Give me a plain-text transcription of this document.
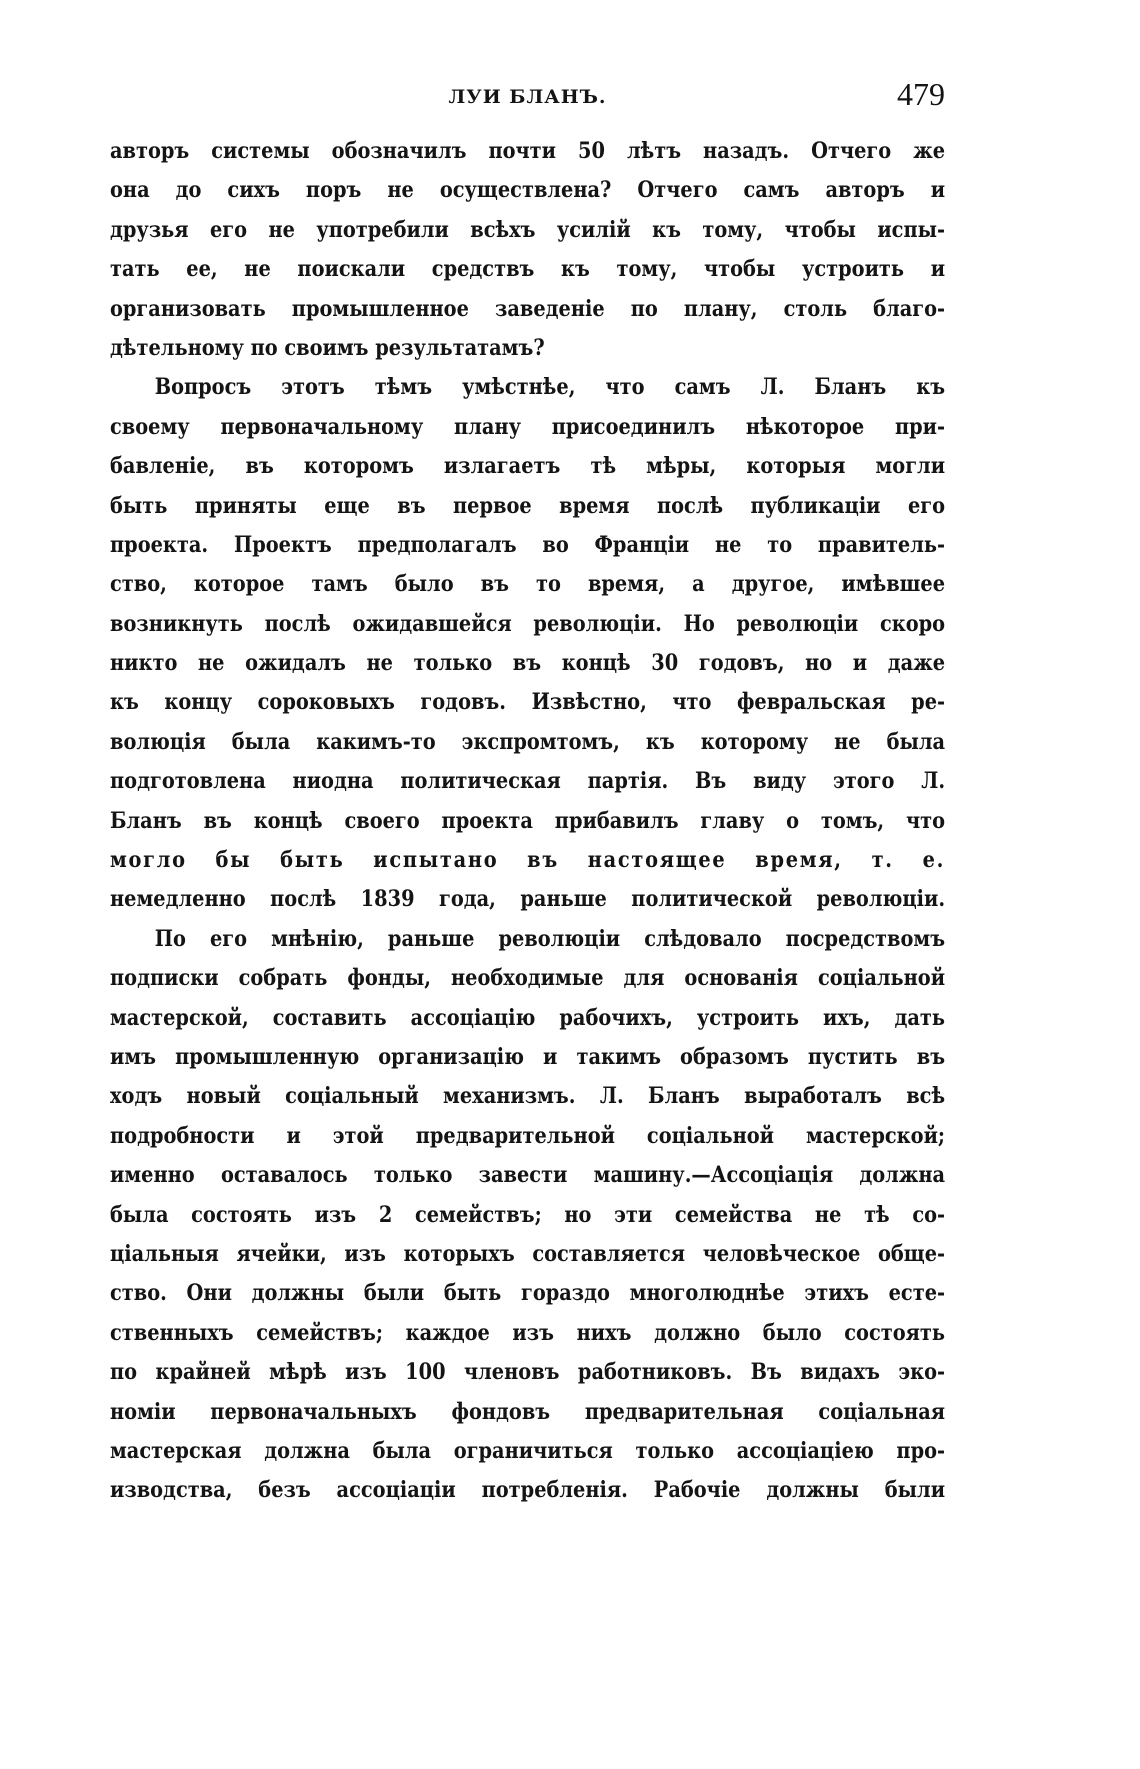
ЛУИ БЛАНЪ.	479
авторъ системы обозначилъ почти 50 лѣтъ назадъ. Отчего же
она до сихъ поръ не осуществлена? Отчего самъ авторъ и
друзья его не употребили всѣхъ усилій къ тому, чтобы испы-
тать ее, не поискали средствъ къ тому, чтобы устроить и
организовать промышленное заведеніе по плану, столь благо-
дѣтельному по своимъ результатамъ?
Вопросъ этотъ тѣмъ умѣстнѣе, что самъ Л. Бланъ къ
своему первоначальному плану присоединилъ нѣкоторое при-
бавленіе, въ которомъ излагаетъ тѣ мѣры, которыя могли
быть приняты еще въ первое время послѣ публикаціи его
проекта. Проектъ предполагалъ во Франціи не то правитель-
ство, которое тамъ было въ то время, а другое, имѣвшее
возникнуть послѣ ожидавшейся революціи. Но революціи скоро
никто не ожидалъ не только въ концѣ 30 годовъ, но и даже
къ концу сороковыхъ годовъ. Извѣстно, что февральская ре-
волюція была какимъ-то экспромтомъ, къ которому не была
подготовлена ниодна политическая партія. Въ виду этого Л.
Бланъ въ концѣ своего проекта прибавилъ главу о томъ, что
могло бы быть испытано въ настоящее время, т. е.
немедленно послѣ 1839 года, раньше политической революціи.
По его мнѣнію, раньше революціи слѣдовало посредствомъ
подписки собрать фонды, необходимые для основанія соціальной
мастерской, составить ассоціацію рабочихъ, устроить ихъ, дать
имъ промышленную организацію и такимъ образомъ пустить въ
ходъ новый соціальный механизмъ. Л. Бланъ выработалъ всѣ
подробности и этой предварительной соціальной мастерской;
именно оставалось только завести машину.—Ассоціація должна
была состоять изъ 2 семействъ; но эти семейства не тѣ со-
ціальныя ячейки, изъ которыхъ составляется человѣческое обще-
ство. Они должны были быть гораздо многолюднѣе этихъ есте-
ственныхъ семействъ; каждое изъ нихъ должно было состоять
по крайней мѣрѣ изъ 100 членовъ работниковъ. Въ видахъ эко-
номіи первоначальныхъ фондовъ предварительная соціальная
мастерская должна была ограничиться только ассоціаціею про-
изводства, безъ ассоціаціи потребленія. Рабочіе должны были
